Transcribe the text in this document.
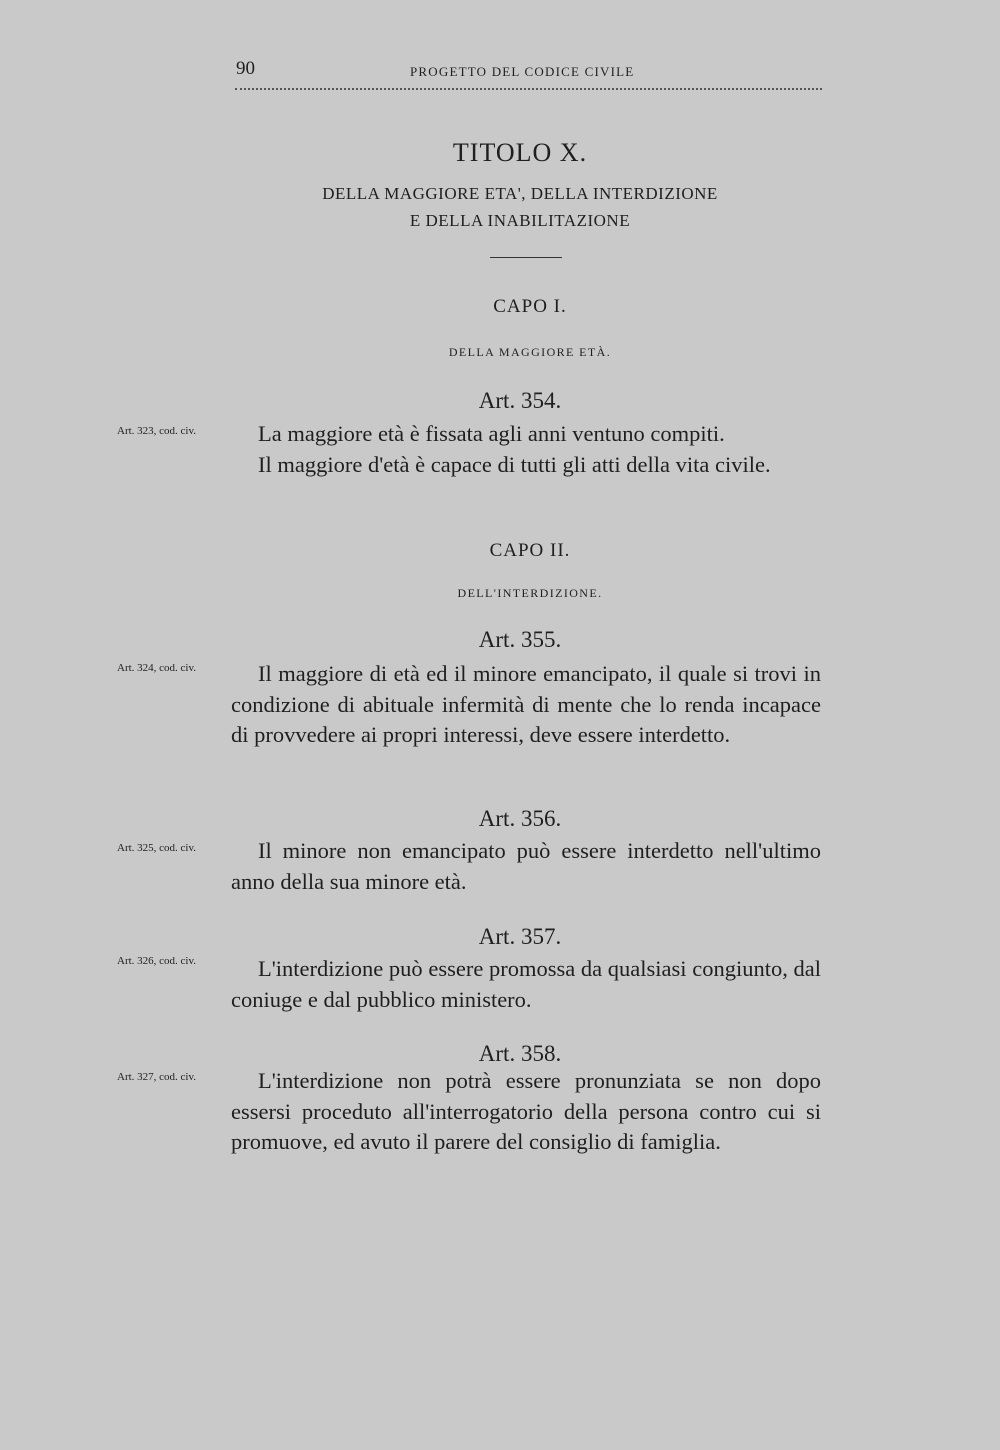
90	PROGETTO DEL CODICE CIVILE
TITOLO X.
DELLA MAGGIORE ETA', DELLA INTERDIZIONE
E DELLA INABILITAZIONE
CAPO I.
DELLA MAGGIORE ETÀ.
Art. 354.
Art. 323, cod. civ.	La maggiore età è fissata agli anni ventuno compiti.
Il maggiore d'età è capace di tutti gli atti della vita civile.
CAPO II.
DELL'INTERDIZIONE.
Art. 355.
Art. 324, cod. civ.	Il maggiore di età ed il minore emancipato, il quale si trovi in condizione di abituale infermità di mente che lo renda incapace di provvedere ai propri interessi, deve essere interdetto.
Art. 356.
Art. 325, cod. civ.	Il minore non emancipato può essere interdetto nell'ultimo anno della sua minore età.
Art. 357.
Art. 326, cod. civ.	L'interdizione può essere promossa da qualsiasi congiunto, dal coniuge e dal pubblico ministero.
Art. 358.
Art. 327, cod. civ.	L'interdizione non potrà essere pronunziata se non dopo essersi proceduto all'interrogatorio della persona contro cui si promuove, ed avuto il parere del consiglio di famiglia.
